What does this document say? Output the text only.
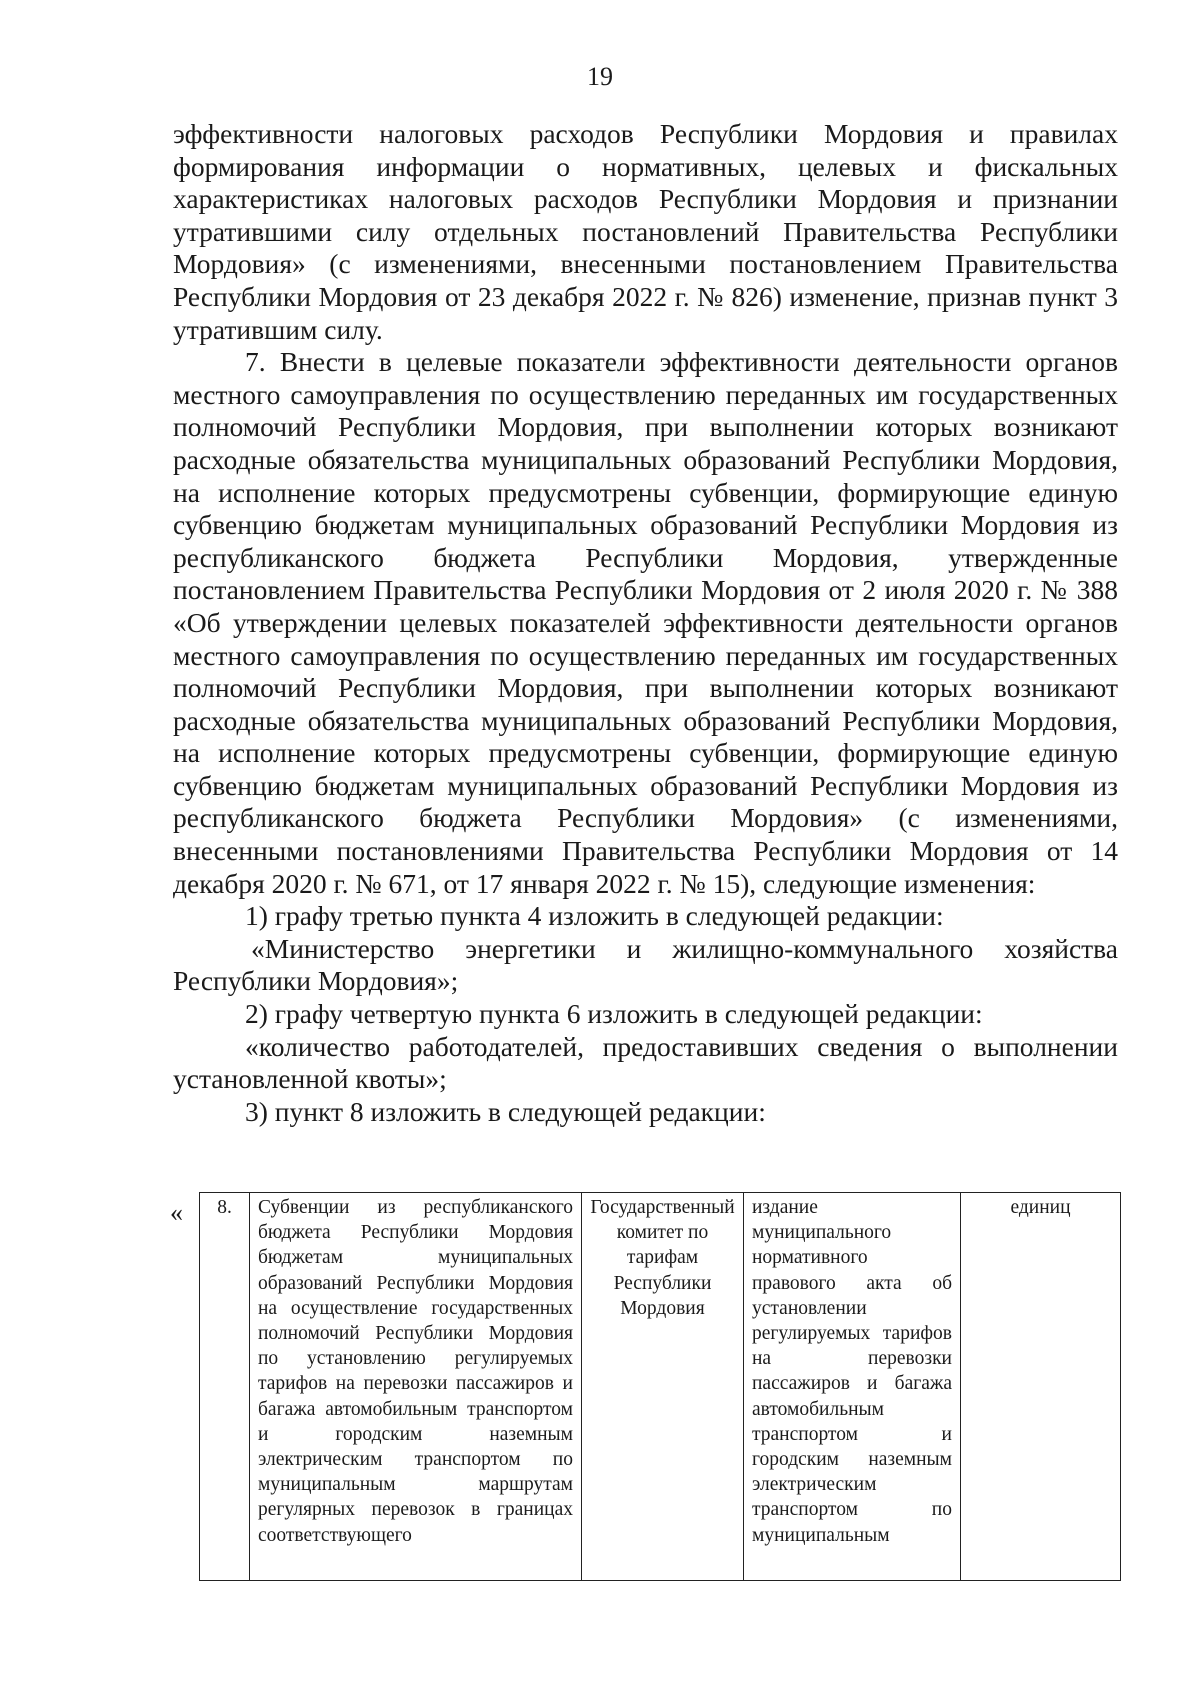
19

эффективности налоговых расходов Республики Мордовия и правилах формирования информации о нормативных, целевых и фискальных характеристиках налоговых расходов Республики Мордовия и признании утратившими силу отдельных постановлений Правительства Республики Мордовия» (с изменениями, внесенными постановлением Правительства Республики Мордовия от 23 декабря 2022 г. № 826) изменение, признав пункт 3 утратившим силу.

7. Внести в целевые показатели эффективности деятельности органов местного самоуправления по осуществлению переданных им государственных полномочий Республики Мордовия, при выполнении которых возникают расходные обязательства муниципальных образований Республики Мордовия, на исполнение которых предусмотрены субвенции, формирующие единую субвенцию бюджетам муниципальных образований Республики Мордовия из республиканского бюджета Республики Мордовия, утвержденные постановлением Правительства Республики Мордовия от 2 июля 2020 г. № 388 «Об утверждении целевых показателей эффективности деятельности органов местного самоуправления по осуществлению переданных им государственных полномочий Республики Мордовия, при выполнении которых возникают расходные обязательства муниципальных образований Республики Мордовия, на исполнение которых предусмотрены субвенции, формирующие единую субвенцию бюджетам муниципальных образований Республики Мордовия из республиканского бюджета Республики Мордовия» (с изменениями, внесенными постановлениями Правительства Республики Мордовия от 14 декабря 2020 г. № 671, от 17 января 2022 г. № 15), следующие изменения:

1) графу третью пункта 4 изложить в следующей редакции:

«Министерство энергетики и жилищно-коммунального хозяйства Республики Мордовия»;

2) графу четвертую пункта 6 изложить в следующей редакции:

«количество работодателей, предоставивших сведения о выполнении установленной квоты»;

3) пункт 8 изложить в следующей редакции:

« 8.	Субвенции из республиканского бюджета Республики Мордовия бюджетам муниципальных образований Республики Мордовия на осуществление государственных полномочий Республики Мордовия по установлению регулируемых тарифов на перевозки пассажиров и багажа автомобильным транспортом и городским наземным электрическим транспортом по муниципальным маршрутам регулярных перевозок в границах соответствующего	Государственный комитет по тарифам Республики Мордовия	издание муниципального нормативного правового акта об установлении регулируемых тарифов на перевозки пассажиров и багажа автомобильным транспортом и городским наземным электрическим транспортом по муниципальным	единиц
